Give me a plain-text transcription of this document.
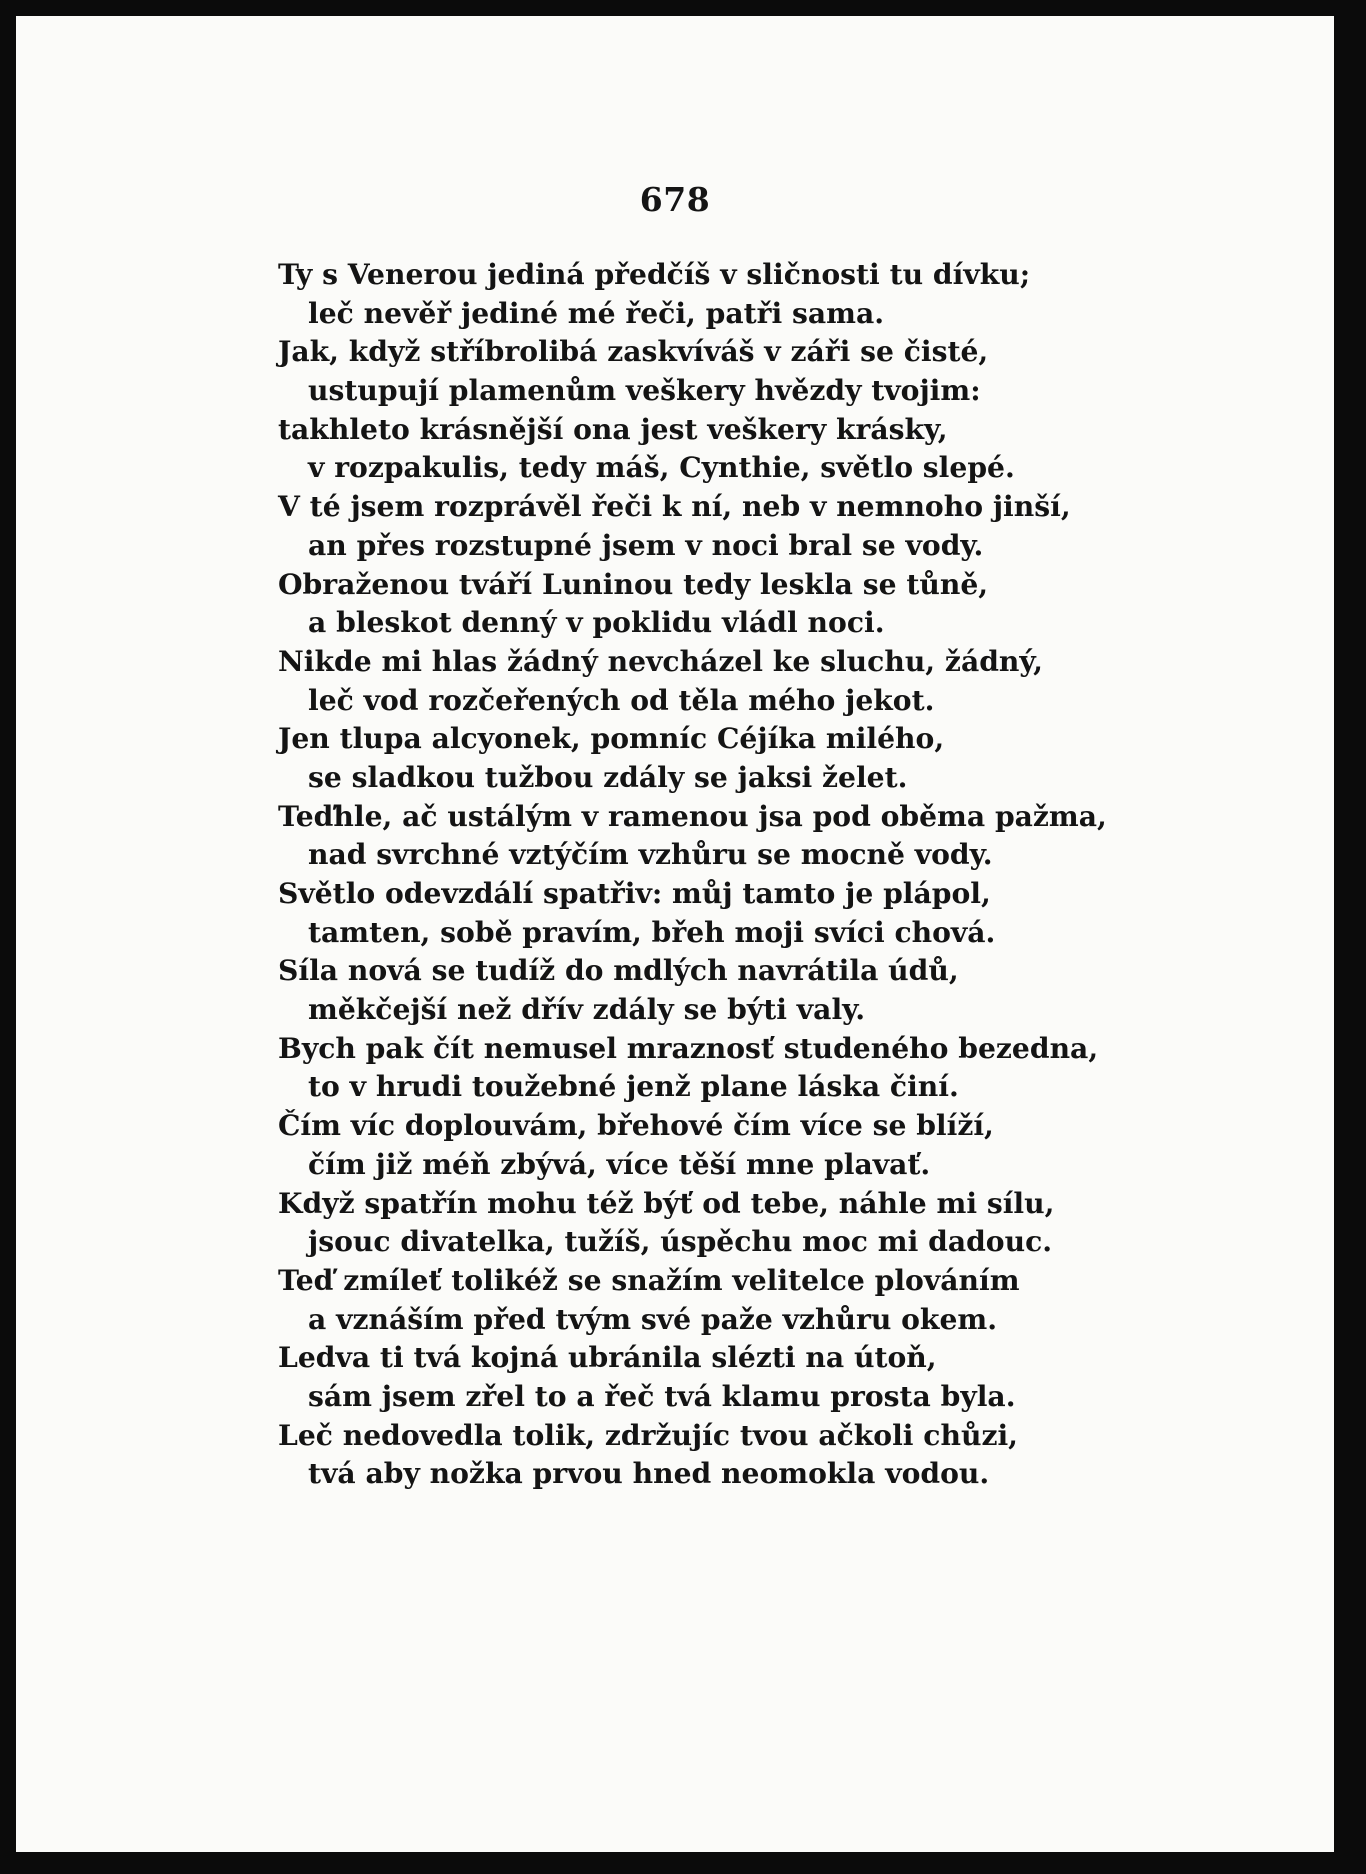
678
Ty s Venerou jediná předčíš v sličnosti tu dívku;
leč nevěř jediné mé řeči, patři sama.
Jak, když stříbrolibá zaskvíváš v záři se čisté,
ustupují plamenům veškery hvězdy tvojim:
takhleto krásnější ona jest veškery krásky,
v rozpakulis, tedy máš, Cynthie, světlo slepé.
V té jsem rozprávěl řeči k ní, neb v nemnoho jinší,
an přes rozstupné jsem v noci bral se vody.
Obraženou tváří Luninou tedy leskla se tůně,
a bleskot denný v poklidu vládl noci.
Nikde mi hlas žádný nevcházel ke sluchu, žádný,
leč vod rozčeřených od těla mého jekot.
Jen tlupa alcyonek, pomníc Céjíka milého,
se sladkou tužbou zdály se jaksi želet.
Teďhle, ač ustálým v ramenou jsa pod oběma pažma,
nad svrchné vztýčím vzhůru se mocně vody.
Světlo odevzdálí spatřiv: můj tamto je plápol,
tamten, sobě pravím, břeh moji svíci chová.
Síla nová se tudíž do mdlých navrátila údů,
měkčejší než dřív zdály se býti valy.
Bych pak čít nemusel mraznosť studeného bezedna,
to v hrudi toužebné jenž plane láska činí.
Čím víc doplouvám, břehové čím více se blíží,
čím již méň zbývá, více těší mne plavať.
Když spatřín mohu též býť od tebe, náhle mi sílu,
jsouc divatelka, tužíš, úspěchu moc mi dadouc.
Teď zmíleť tolikéž se snažím velitelce plováním
a vznáším před tvým své paže vzhůru okem.
Ledva ti tvá kojná ubránila slézti na útoň,
sám jsem zřel to a řeč tvá klamu prosta byla.
Leč nedovedla tolik, zdržujíc tvou ačkoli chůzi,
tvá aby nožka prvou hned neomokla vodou.
